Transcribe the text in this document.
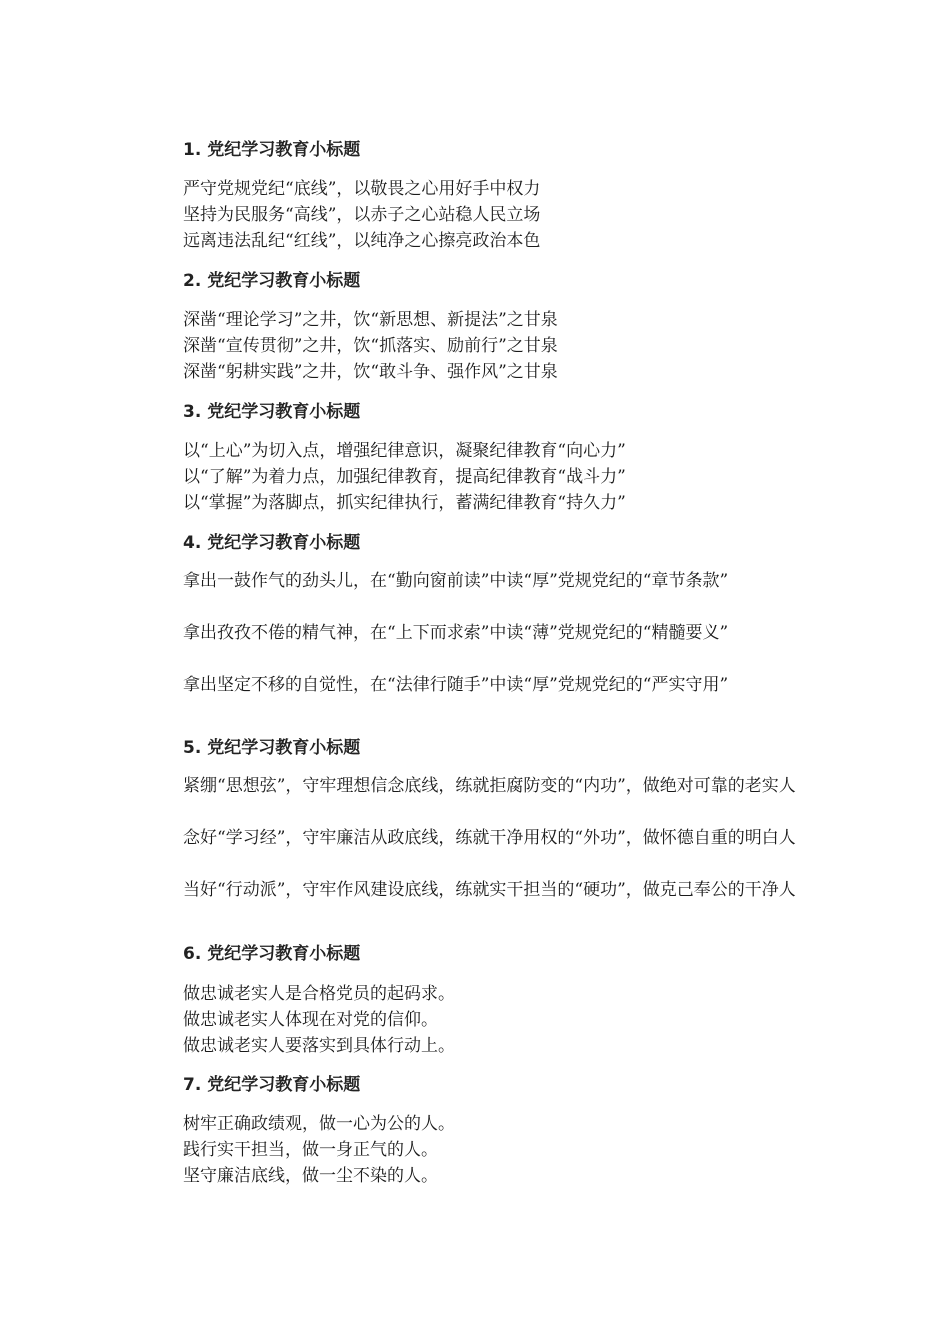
1. 党纪学习教育小标题
严守党规党纪“底线”，以敬畏之心用好手中权力
坚持为民服务“高线”，以赤子之心站稳人民立场
远离违法乱纪“红线”，以纯净之心擦亮政治本色
2. 党纪学习教育小标题
深凿“理论学习”之井，饮“新思想、新提法”之甘泉
深凿“宣传贯彻”之井，饮“抓落实、励前行”之甘泉
深凿“躬耕实践”之井，饮“敢斗争、强作风”之甘泉
3. 党纪学习教育小标题
以“上心”为切入点，增强纪律意识，凝聚纪律教育“向心力”
以“了解”为着力点，加强纪律教育，提高纪律教育“战斗力”
以“掌握”为落脚点，抓实纪律执行，蓄满纪律教育“持久力”
4. 党纪学习教育小标题
拿出一鼓作气的劲头儿，在“勤向窗前读”中读“厚”党规党纪的“章节条款”
拿出孜孜不倦的精气神，在“上下而求索”中读“薄”党规党纪的“精髓要义”
拿出坚定不移的自觉性，在“法律行随手”中读“厚”党规党纪的“严实守用”
5. 党纪学习教育小标题
紧绷“思想弦”，守牢理想信念底线，练就拒腐防变的“内功”，做绝对可靠的老实人
念好“学习经”，守牢廉洁从政底线，练就干净用权的“外功”，做怀德自重的明白人
当好“行动派”，守牢作风建设底线，练就实干担当的“硬功”，做克己奉公的干净人
6. 党纪学习教育小标题
做忠诚老实人是合格党员的起码求。
做忠诚老实人体现在对党的信仰。
做忠诚老实人要落实到具体行动上。
7. 党纪学习教育小标题
树牢正确政绩观，做一心为公的人。
践行实干担当，做一身正气的人。
坚守廉洁底线，做一尘不染的人。
